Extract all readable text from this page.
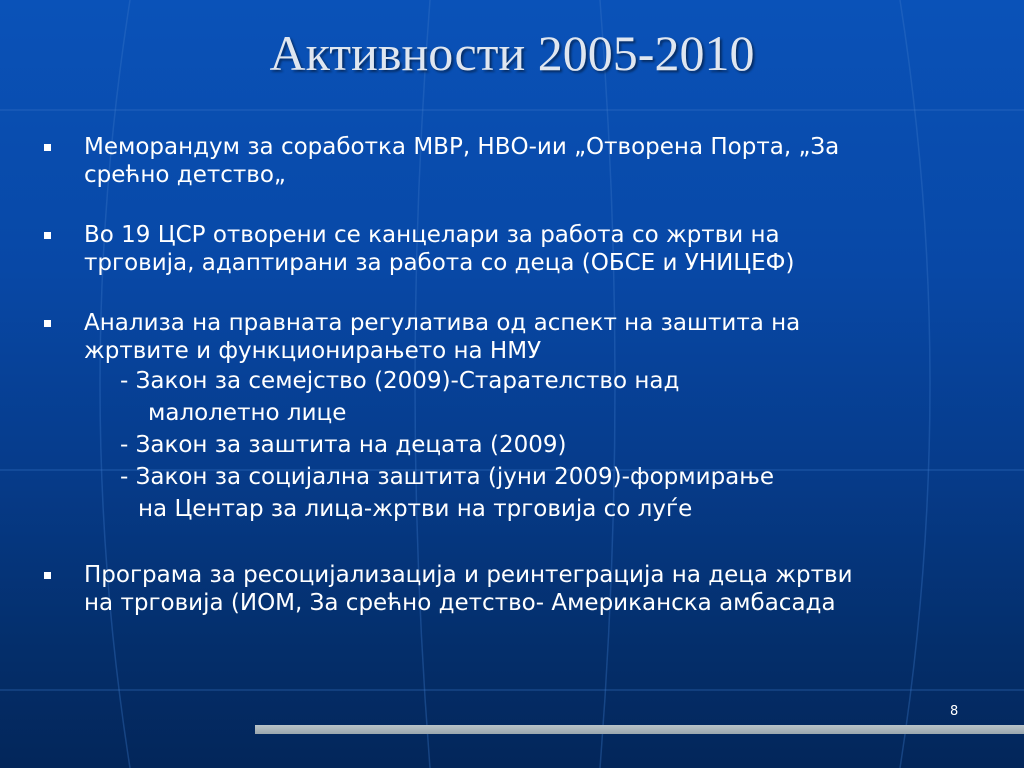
Активности 2005-2010
Меморандум за соработка МВР, НВО-ии „Отворена Порта, „За
срећно детство„
Во 19 ЦСР отворени се канцелари за работа со жртви на
трговија, адаптирани за работа со деца (ОБСЕ и УНИЦЕФ)
Анализа на правната регулатива од аспект на заштита на
жртвите и функционирањето на НМУ
- Закон за семејство (2009)-Старателство над
малолетно лице
- Закон за заштита на децата (2009)
- Закон за социјална заштита (јуни 2009)-формирање
на Центар за лица-жртви на трговија со луѓе
Програма за ресоцијализација и реинтеграција на деца жртви
на трговија (ИОМ, За срећно детство- Американска амбасада
8
